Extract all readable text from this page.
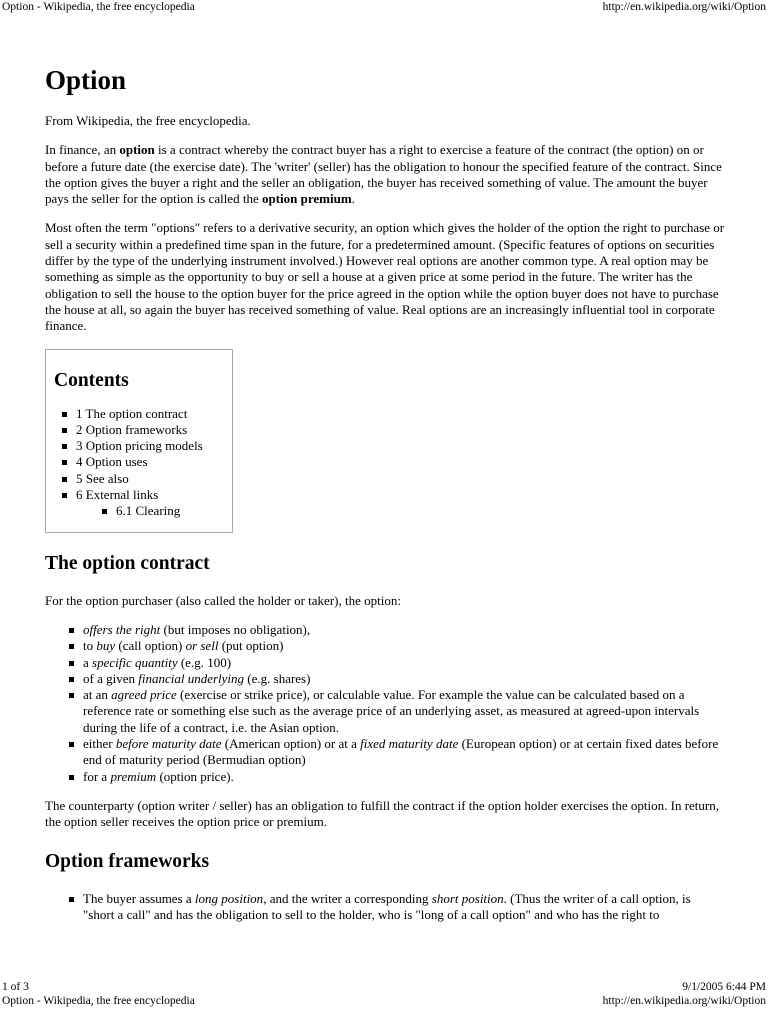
Option - Wikipedia, the free encyclopedia	http://en.wikipedia.org/wiki/Option
Option

From Wikipedia, the free encyclopedia.

In finance, an option is a contract whereby the contract buyer has a right to exercise a feature of the contract (the option) on or before a future date (the exercise date). The 'writer' (seller) has the obligation to honour the specified feature of the contract. Since the option gives the buyer a right and the seller an obligation, the buyer has received something of value. The amount the buyer pays the seller for the option is called the option premium.

Most often the term "options" refers to a derivative security, an option which gives the holder of the option the right to purchase or sell a security within a predefined time span in the future, for a predetermined amount. (Specific features of options on securities differ by the type of the underlying instrument involved.) However real options are another common type. A real option may be something as simple as the opportunity to buy or sell a house at a given price at some period in the future. The writer has the obligation to sell the house to the option buyer for the price agreed in the option while the option buyer does not have to purchase the house at all, so again the buyer has received something of value. Real options are an increasingly influential tool in corporate finance.

Contents
1 The option contract
2 Option frameworks
3 Option pricing models
4 Option uses
5 See also
6 External links
6.1 Clearing
The option contract

For the option purchaser (also called the holder or taker), the option:

offers the right (but imposes no obligation),
to buy (call option) or sell (put option)
a specific quantity (e.g. 100)
of a given financial underlying (e.g. shares)
at an agreed price (exercise or strike price), or calculable value. For example the value can be calculated based on a reference rate or something else such as the average price of an underlying asset, as measured at agreed-upon intervals during the life of a contract, i.e. the Asian option.
either before maturity date (American option) or at a fixed maturity date (European option) or at certain fixed dates before end of maturity period (Bermudian option)
for a premium (option price).

The counterparty (option writer / seller) has an obligation to fulfill the contract if the option holder exercises the option. In return, the option seller receives the option price or premium.

Option frameworks
The buyer assumes a long position, and the writer a corresponding short position. (Thus the writer of a call option, is "short a call" and has the obligation to sell to the holder, who is "long of a call option" and who has the right to
1 of 3	9/1/2005 6:44 PM
Option - Wikipedia, the free encyclopedia	http://en.wikipedia.org/wiki/Option
